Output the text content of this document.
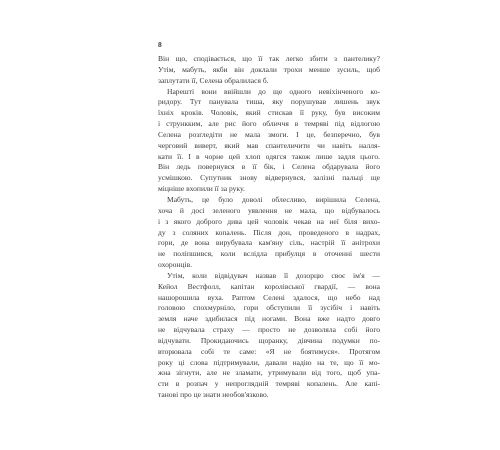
8
Він що, сподівається, що її так легко збити з пантелику?
Утім, мабуть, якби він доклали трохи менше зусиль, щоб
заплутати її, Селена обралилася б.
Нарешті вони ввійшли до ще одного невіхінченого ко-
ридору. Тут панувала тиша, яку порушував лишень звук
їхніх кроків. Чоловік, який стискав її руку, був високим
і стрункким, але рис його обличчя в темряві під відлогою
Селена розгледіти не мала змоги. І це, безперечно, був
черговий виверт, який мав спантеличити чи навіть налля-
кати її. І в чорне цей хлоп одягся також лише задля цього.
Він ледь повернувся в її бік, і Селена обдарувала його
усмішкою. Супутник знову відвернувся, залізні пальці ще
міцніше вхопили її за руку.
Мабуть, це було доволі облесливо, вирішила Селена,
хоча й досі зеленого уявлення не мала, що відбувалось
і з якого доброго дива цей чоловік чекав на неї біля вихо-
ду з соляних копалень. Після дон, проведеного в надрах,
гори, де вона вирубувала кам'яну сіль, настрій її анітрохи
не поліпшився, коли вслідла прибулця в оточенні шести
охоронців.
Утім, коли відвідувач назвав її дозорцю своє ім'я —
Кейол Вестфолл, капітан королівської гвардії, — вона
нашорошила вуха. Раптом Селені здалося, що небо над
головою спохмурніло, гори обступили її зусібіч і навіть
земля наче здибилася під ногами. Вона вже надто довго
не відчувала страху — просто не дозволяла собі його
відчувати. Прокидаючись щоранку, дівчина подумки по-
вторювала собі те саме: «Я не боятимуся». Протягом
року ці слова підтримували, давали надію на те, що її мо-
жна зігнути, але не зламати, утримували від того, щоб упа-
сти в розпач у непроглядній темряві копалень. Але капі-
танові про це знати необов'язково.
